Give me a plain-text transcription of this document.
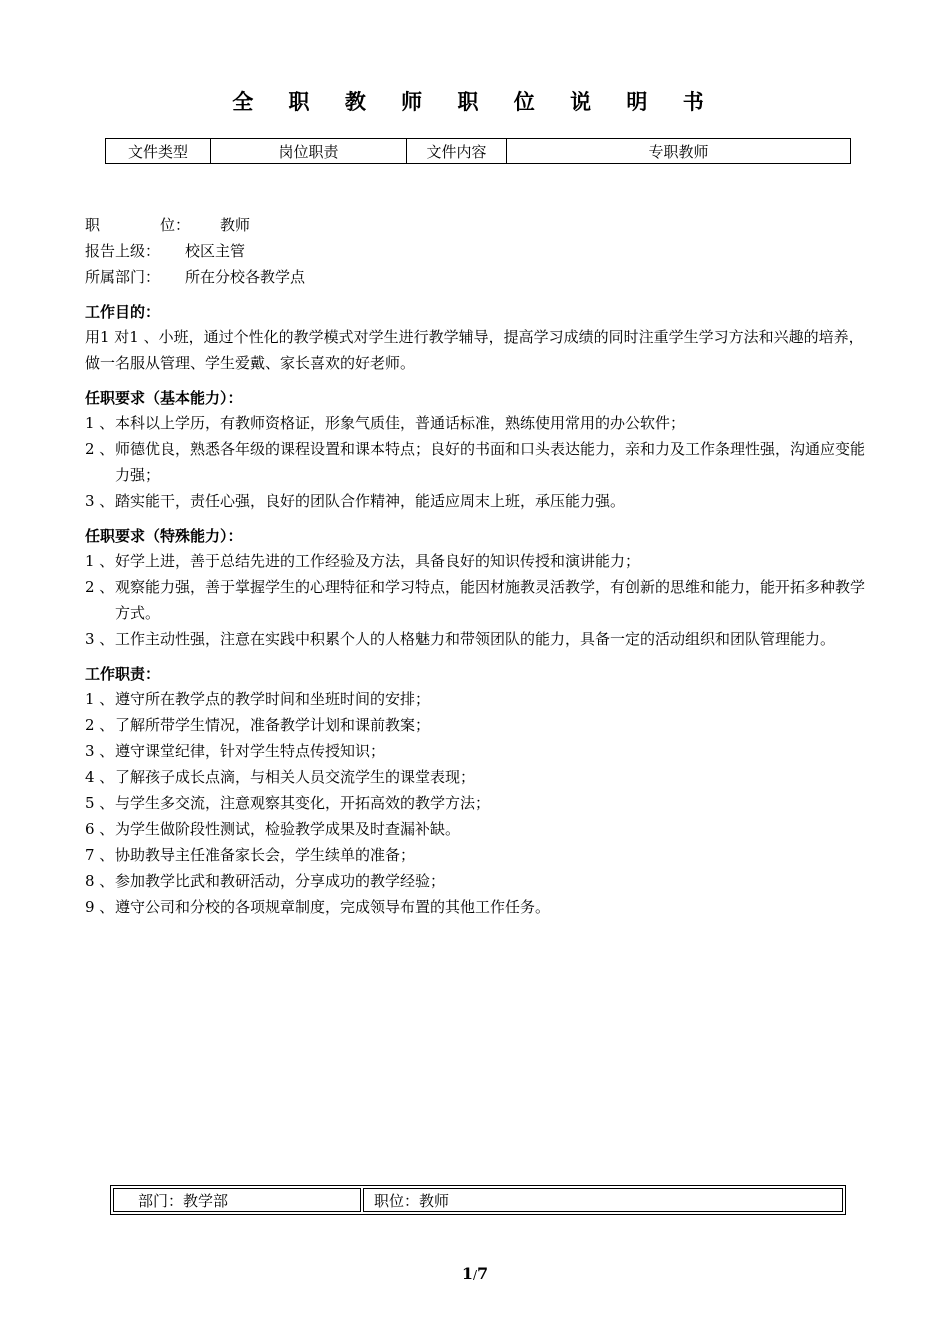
全 职 教 师 职 位 说 明 书
文件类型	岗位职责	文件内容	专职教师
职　　　　位： 教师
报告上级： 校区主管
所属部门： 所在分校各教学点
工作目的：
用1 对1 、小班，通过个性化的教学模式对学生进行教学辅导，提高学习成绩的同时注重学生学习方法和兴趣的培养，做一名服从管理、学生爱戴、家长喜欢的好老师。
任职要求（基本能力）：
1 、 本科以上学历，有教师资格证，形象气质佳，普通话标准，熟练使用常用的办公软件；
2 、 师德优良，熟悉各年级的课程设置和课本特点；良好的书面和口头表达能力，亲和力及工作条理性强，沟通应变能力强；
3 、 踏实能干，责任心强，良好的团队合作精神，能适应周末上班，承压能力强。
任职要求（特殊能力）：
1 、 好学上进，善于总结先进的工作经验及方法，具备良好的知识传授和演讲能力；
2 、 观察能力强，善于掌握学生的心理特征和学习特点，能因材施教灵活教学，有创新的思维和能力，能开拓多种教学方式。
3 、 工作主动性强，注意在实践中积累个人的人格魅力和带领团队的能力，具备一定的活动组织和团队管理能力。
工作职责：
1 、 遵守所在教学点的教学时间和坐班时间的安排；
2 、 了解所带学生情况，准备教学计划和课前教案；
3 、 遵守课堂纪律，针对学生特点传授知识；
4 、 了解孩子成长点滴，与相关人员交流学生的课堂表现；
5 、 与学生多交流，注意观察其变化，开拓高效的教学方法；
6 、 为学生做阶段性测试，检验教学成果及时查漏补缺。
7 、 协助教导主任准备家长会，学生续单的准备；
8 、 参加教学比武和教研活动，分享成功的教学经验；
9 、 遵守公司和分校的各项规章制度，完成领导布置的其他工作任务。
部门：教学部	职位：教师
1/7
